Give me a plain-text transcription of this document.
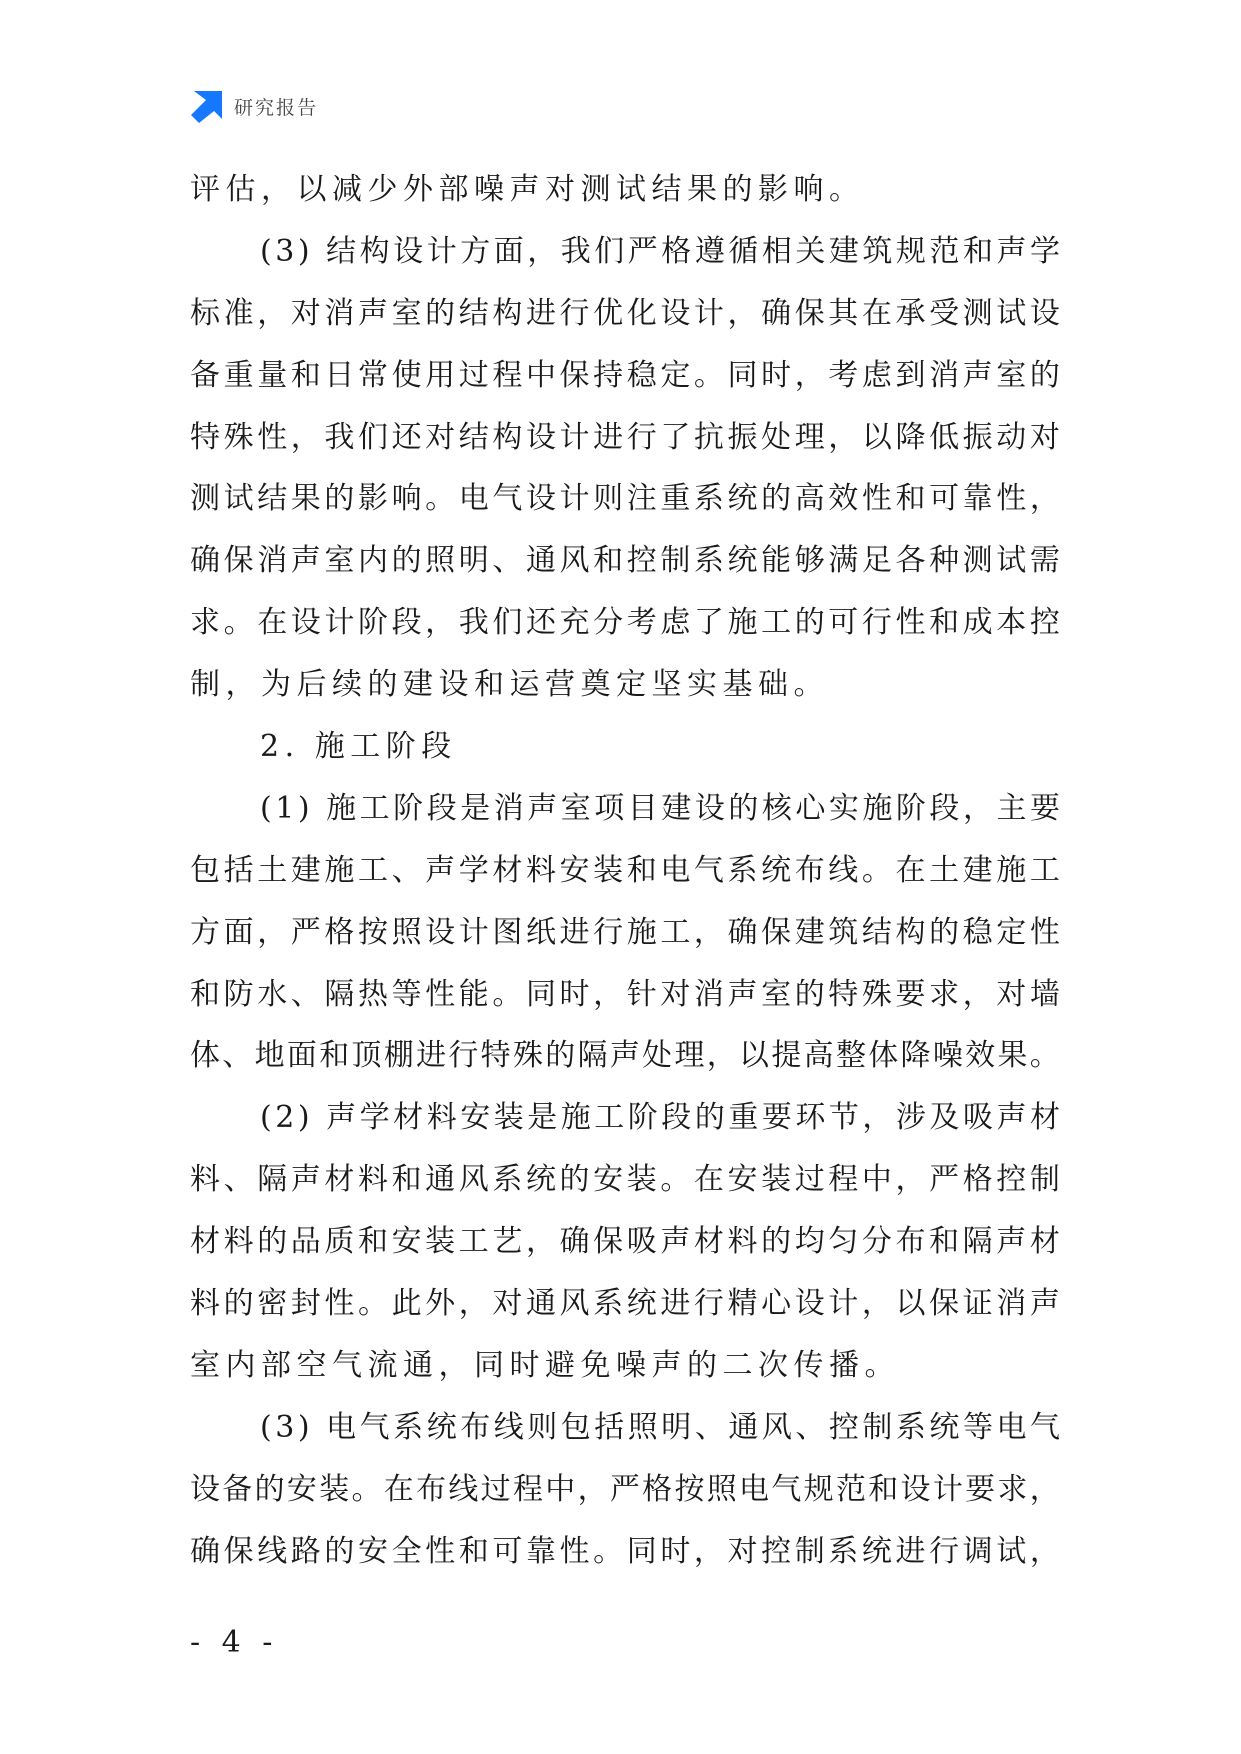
研究报告
评 估 ， 以 减 少 外 部 噪 声 对 测 试 结 果 的 影 响 。
( 3 )
结 构 设 计 方 面 ， 我 们 严 格 遵 循 相 关 建 筑 规 范 和 声 学
标 准 ， 对 消 声 室 的 结 构 进 行 优 化 设 计 ， 确 保 其 在 承 受 测 试 设
备 重 量 和 日 常 使 用 过 程 中 保 持 稳 定 。 同 时 ， 考 虑 到 消 声 室 的
特 殊 性 ， 我 们 还 对 结 构 设 计 进 行 了 抗 振 处 理 ， 以 降 低 振 动 对
测 试 结 果 的 影 响 。 电 气 设 计 则 注 重 系 统 的 高 效 性 和 可 靠 性 ，
确 保 消 声 室 内 的 照 明 、 通 风 和 控 制 系 统 能 够 满 足 各 种 测 试 需
求 。 在 设 计 阶 段 ， 我 们 还 充 分 考 虑 了 施 工 的 可 行 性 和 成 本 控
制 ， 为 后 续 的 建 设 和 运 营 奠 定 坚 实 基 础 。
2 .
施 工 阶 段
( 1 )
施 工 阶 段 是 消 声 室 项 目 建 设 的 核 心 实 施 阶 段 ， 主 要
包 括 土 建 施 工 、 声 学 材 料 安 装 和 电 气 系 统 布 线 。 在 土 建 施 工
方 面 ， 严 格 按 照 设 计 图 纸 进 行 施 工 ， 确 保 建 筑 结 构 的 稳 定 性
和 防 水 、 隔 热 等 性 能 。 同 时 ， 针 对 消 声 室 的 特 殊 要 求 ， 对 墙
体 、 地 面 和 顶 棚 进 行 特 殊 的 隔 声 处 理 ， 以 提 高 整 体 降 噪 效 果 。
( 2 )
声 学 材 料 安 装 是 施 工 阶 段 的 重 要 环 节 ， 涉 及 吸 声 材
料 、 隔 声 材 料 和 通 风 系 统 的 安 装 。 在 安 装 过 程 中 ， 严 格 控 制
材 料 的 品 质 和 安 装 工 艺 ， 确 保 吸 声 材 料 的 均 匀 分 布 和 隔 声 材
料 的 密 封 性 。 此 外 ， 对 通 风 系 统 进 行 精 心 设 计 ， 以 保 证 消 声
室 内 部 空 气 流 通 ， 同 时 避 免 噪 声 的 二 次 传 播 。
( 3 )
电 气 系 统 布 线 则 包 括 照 明 、 通 风 、 控 制 系 统 等 电 气
设 备 的 安 装 。 在 布 线 过 程 中 ， 严 格 按 照 电 气 规 范 和 设 计 要 求 ，
确 保 线 路 的 安 全 性 和 可 靠 性 。 同 时 ， 对 控 制 系 统 进 行 调 试 ，
- 4 -
